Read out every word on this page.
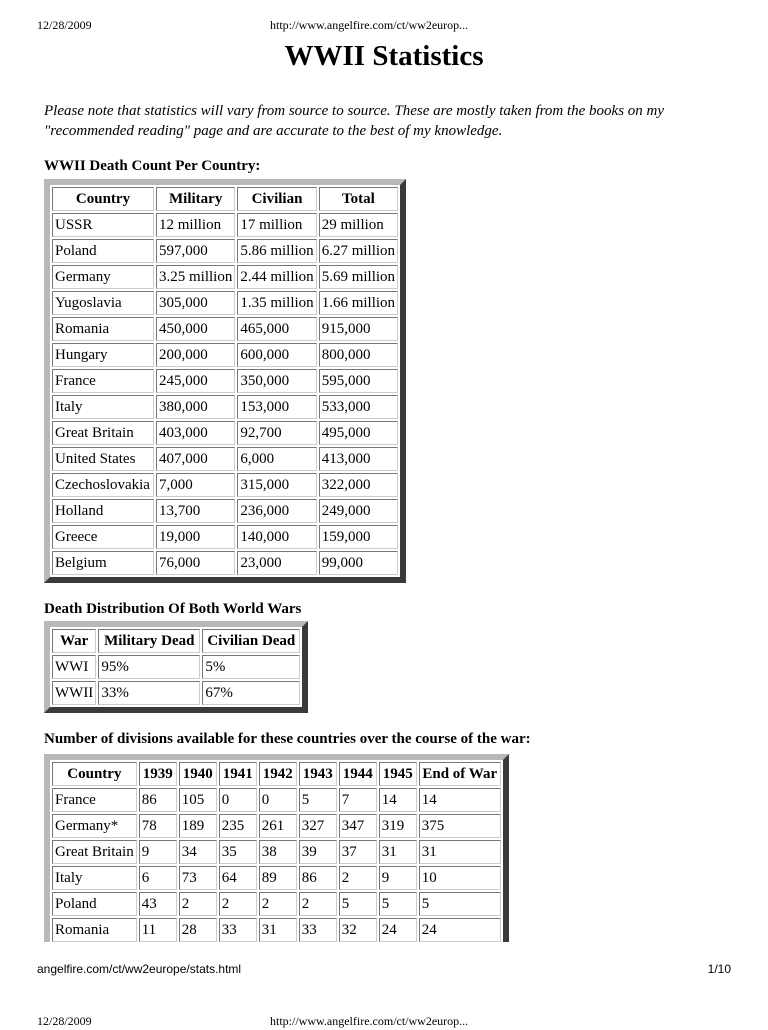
12/28/2009	http://www.angelfire.com/ct/ww2europ...
WWII Statistics

Please note that statistics will vary from source to source. These are mostly taken from the books on my "recommended reading" page and are accurate to the best of my knowledge.

WWII Death Count Per Country:
Country	Military	Civilian	Total
USSR	12 million	17 million	29 million
Poland	597,000	5.86 million	6.27 million
Germany	3.25 million	2.44 million	5.69 million
Yugoslavia	305,000	1.35 million	1.66 million
Romania	450,000	465,000	915,000
Hungary	200,000	600,000	800,000
France	245,000	350,000	595,000
Italy	380,000	153,000	533,000
Great Britain	403,000	92,700	495,000
United States	407,000	6,000	413,000
Czechoslovakia	7,000	315,000	322,000
Holland	13,700	236,000	249,000
Greece	19,000	140,000	159,000
Belgium	76,000	23,000	99,000
Death Distribution Of Both World Wars
War	Military Dead	Civilian Dead
WWI	95%	5%
WWII	33%	67%
Number of divisions available for these countries over the course of the war:
Country	1939	1940	1941	1942	1943	1944	1945	End of War
France	86	105	0	0	5	7	14	14
Germany*	78	189	235	261	327	347	319	375
Great Britain	9	34	35	38	39	37	31	31
Italy	6	73	64	89	86	2	9	10
Poland	43	2	2	2	2	5	5	5
Romania	11	28	33	31	33	32	24	24

angelfire.com/ct/ww2europe/stats.html	1/10
12/28/2009	http://www.angelfire.com/ct/ww2europ...
